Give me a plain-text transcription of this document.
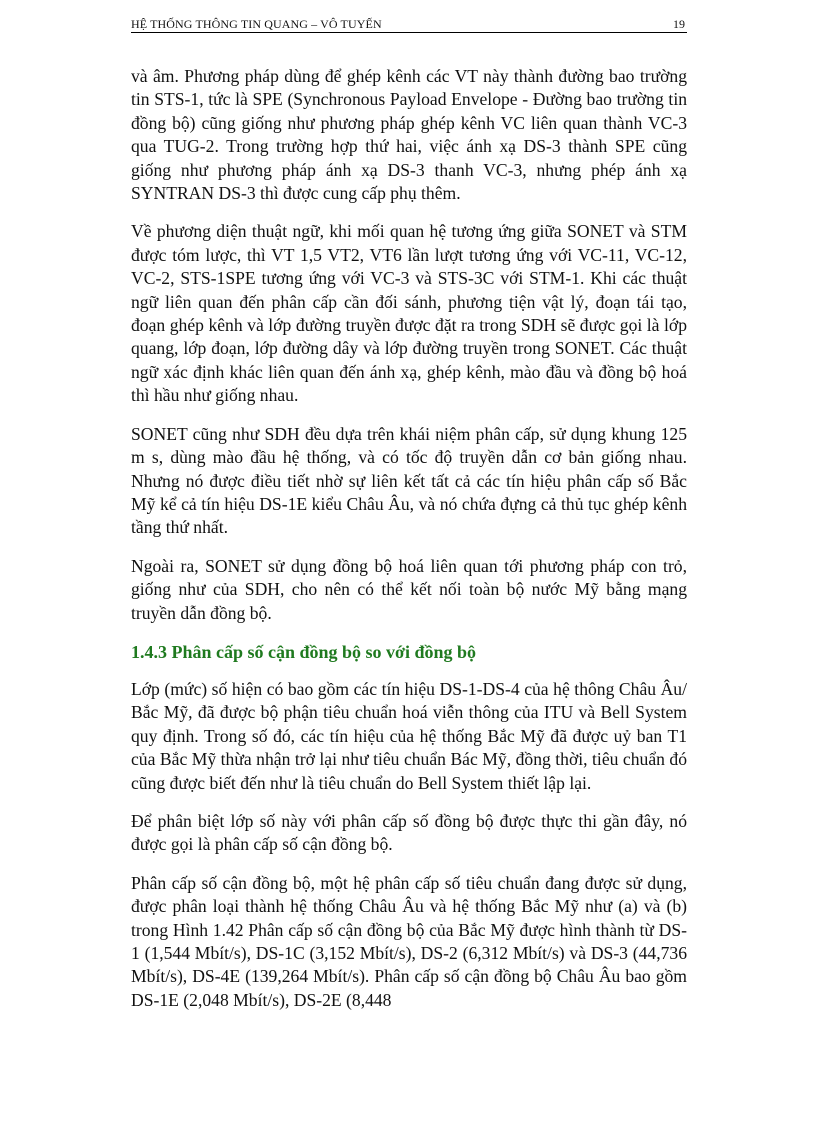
HỆ THỐNG THÔNG TIN QUANG – VÔ TUYẾN	19

và âm. Phương pháp dùng để ghép kênh các VT này thành đường bao trường tin STS-1, tức là SPE (Synchronous Payload Envelope - Đường bao trường tin đồng bộ) cũng giống như phương pháp ghép kênh VC liên quan thành VC-3 qua TUG-2. Trong trường hợp thứ hai, việc ánh xạ DS-3 thành SPE cũng giống như phương pháp ánh xạ DS-3 thanh VC-3, nhưng phép ánh xạ SYNTRAN DS-3 thì được cung cấp phụ thêm.

Về phương diện thuật ngữ, khi mối quan hệ tương ứng giữa SONET và STM được tóm lược, thì VT 1,5 VT2, VT6 lần lượt tương ứng với VC-11, VC-12, VC-2, STS-1SPE tương ứng với VC-3 và STS-3C với STM-1. Khi các thuật ngữ liên quan đến phân cấp cần đối sánh, phương tiện vật lý, đoạn tái tạo, đoạn ghép kênh và lớp đường truyền được đặt ra trong SDH sẽ được gọi là lớp quang, lớp đoạn, lớp đường dây và lớp đường truyền trong SONET. Các thuật ngữ xác định khác liên quan đến ánh xạ, ghép kênh, mào đầu và đồng bộ hoá thì hầu như giống nhau.

SONET cũng như SDH đều dựa trên khái niệm phân cấp, sử dụng khung 125 m s, dùng mào đầu hệ thống, và có tốc độ truyền dẫn cơ bản giống nhau. Nhưng nó được điều tiết nhờ sự liên kết tất cả các tín hiệu phân cấp số Bắc Mỹ kể cả tín hiệu DS-1E kiểu Châu Âu, và nó chứa đựng cả thủ tục ghép kênh tầng thứ nhất.

Ngoài ra, SONET sử dụng đồng bộ hoá liên quan tới phương pháp con trỏ, giống như của SDH, cho nên có thể kết nối toàn bộ nước Mỹ bằng mạng truyền dẫn đồng bộ.

1.4.3 Phân cấp số cận đồng bộ so với đồng bộ

Lớp (mức) số hiện có bao gồm các tín hiệu DS-1-DS-4 của hệ thông Châu Âu/ Bắc Mỹ, đã được bộ phận tiêu chuẩn hoá viễn thông của ITU và Bell System quy định. Trong số đó, các tín hiệu của hệ thống Bắc Mỹ đã được uỷ ban T1 của Bắc Mỹ thừa nhận trở lại như tiêu chuẩn Bác Mỹ, đồng thời, tiêu chuẩn đó cũng được biết đến như là tiêu chuẩn do Bell System thiết lập lại.

Để phân biệt lớp số này với phân cấp số đồng bộ được thực thi gần đây, nó được gọi là phân cấp số cận đồng bộ.

Phân cấp số cận đồng bộ, một hệ phân cấp số tiêu chuẩn đang được sử dụng, được phân loại thành hệ thống Châu Âu và hệ thống Bắc Mỹ như (a) và (b) trong Hình 1.42 Phân cấp số cận đồng bộ của Bắc Mỹ được hình thành từ DS-1 (1,544 Mbít/s), DS-1C (3,152 Mbít/s), DS-2 (6,312 Mbít/s) và DS-3 (44,736 Mbít/s), DS-4E (139,264 Mbít/s). Phân cấp số cận đồng bộ Châu Âu bao gồm DS-1E (2,048 Mbít/s), DS-2E (8,448
